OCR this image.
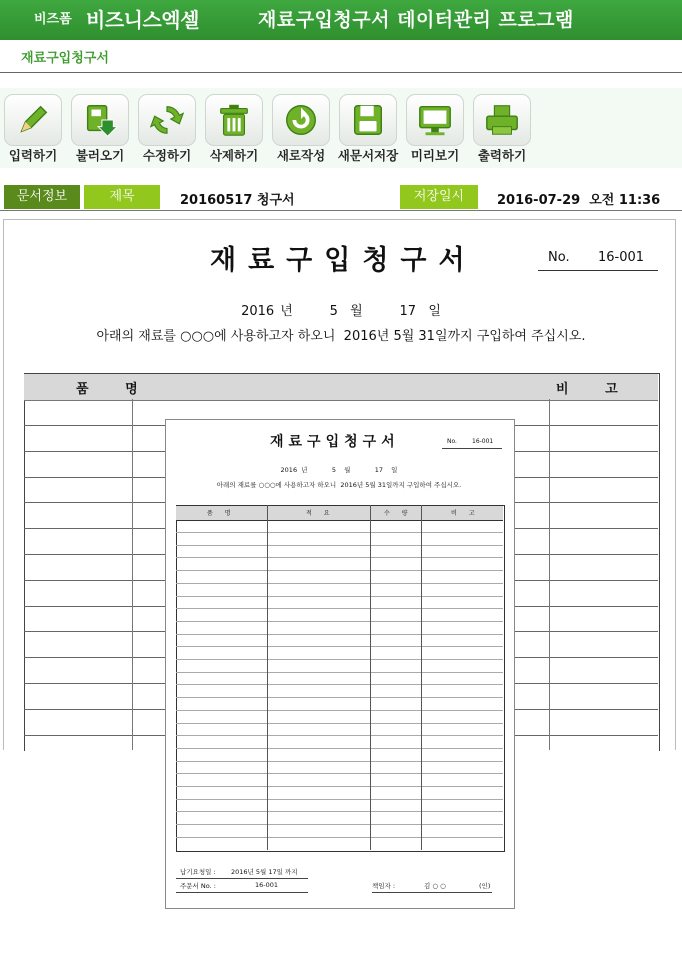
비즈폼 비즈니스엑셀	재료구입청구서 데이터관리 프로그램
재료구입청구서
입력하기	불러오기	수정하기	삭제하기	새로작성	새문서저장	미리보기	출력하기
문서정보	제목	20160517 청구서	저장일시	2016-07-29  오전 11:36
재료구입청구서	No. 16-001
2016 년      5  월      17  일
아래의 재료를 ○○○에 사용하고자 하오니  2016년 5월 31일까지 구입하여 주십시오.
품 명	비 고
재료구입청구서	No.	16-001
2016 년      5  월      17  일
아래의 재료를 ○○○에 사용하고자 하오니  2016년 5월 31일까지 구입하여 주십시오.
품 명	적 요	수 량	비 고
납기요청일 : 2016년 5월 17일 까지
주문서 No. :	16-001	책임자 :	김 ○ ○	(인)
